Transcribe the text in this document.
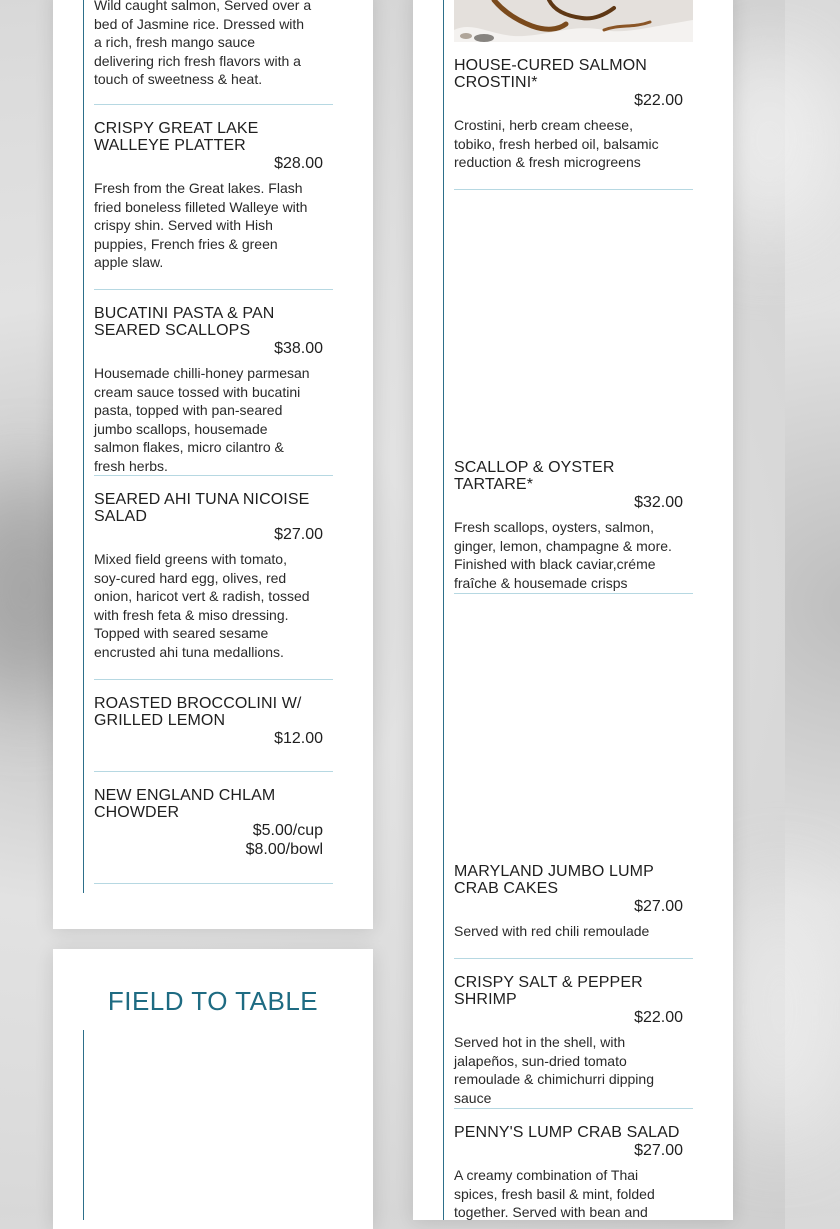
Wild caught salmon, Served over a bed of Jasmine rice. Dressed with a rich, fresh mango sauce delivering rich fresh flavors with a touch of sweetness & heat.
CRISPY GREAT LAKE WALLEYE PLATTER
$28.00
Fresh from the Great lakes. Flash fried boneless filleted Walleye with crispy shin. Served with Hish puppies, French fries & green apple slaw.
BUCATINI PASTA & PAN SEARED SCALLOPS
$38.00
Housemade chilli-honey parmesan cream sauce tossed with bucatini pasta, topped with pan-seared jumbo scallops, housemade salmon flakes, micro cilantro & fresh herbs.
SEARED AHI TUNA NICOISE SALAD
$27.00
Mixed field greens with tomato, soy-cured hard egg, olives, red onion, haricot vert & radish, tossed with fresh feta & miso dressing. Topped with seared sesame encrusted ahi tuna medallions.
ROASTED BROCCOLINI W/ GRILLED LEMON
$12.00
NEW ENGLAND CHLAM CHOWDER
$5.00/cup
$8.00/bowl
FIELD TO TABLE
HOUSE-CURED SALMON CROSTINI*
$22.00
Crostini, herb cream cheese, tobiko, fresh herbed oil, balsamic reduction & fresh microgreens
SCALLOP & OYSTER TARTARE*
$32.00
Fresh scallops, oysters, salmon, ginger, lemon, champagne & more. Finished with black caviar,créme fraîche & housemade crisps
MARYLAND JUMBO LUMP CRAB CAKES
$27.00
Served with red chili remoulade
CRISPY SALT & PEPPER SHRIMP
$22.00
Served hot in the shell, with jalapeños, sun-dried tomato remoulade & chimichurri dipping sauce
PENNY'S LUMP CRAB SALAD
$27.00
A creamy combination of Thai spices, fresh basil & mint, folded together. Served with bean and
